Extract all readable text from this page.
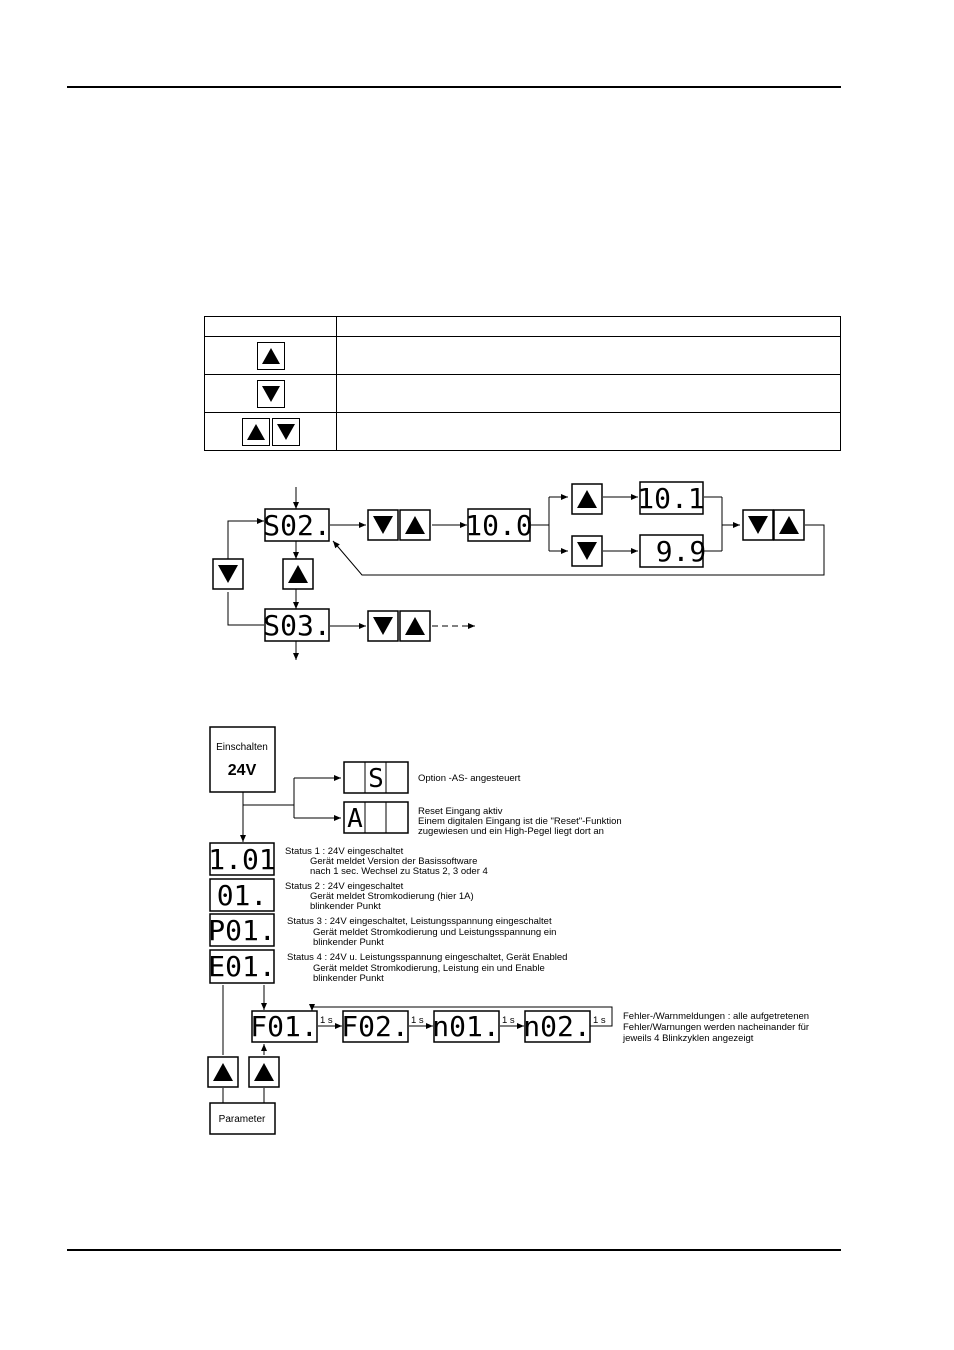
S02.
S03.
10.0
10.1
9.9
Einschalten
24V	S	Option -AS- angesteuert
A	Reset Eingang aktiv
Einem digitalen Eingang ist die "Reset"-Funktion
zugewiesen und ein High-Pegel liegt dort an
1.01 Status 1 : 24V eingeschaltet
Gerät meldet Version der Basissoftware
nach 1 sec. Wechsel zu Status 2, 3 oder 4
01. Status 2 : 24V eingeschaltet
Gerät meldet Stromkodierung (hier 1A)
blinkender Punkt
P01. Status 3 : 24V eingeschaltet, Leistungsspannung eingeschaltet
Gerät meldet Stromkodierung und Leistungsspannung ein
blinkender Punkt
E01. Status 4 : 24V u. Leistungsspannung eingeschaltet, Gerät Enabled
Gerät meldet Stromkodierung, Leistung ein und Enable
blinkender Punkt
F01. 1 s F02. 1 s n01. 1 s n02. 1 s Fehler-/Warnmeldungen : alle aufgetretenen
Fehler/Warnungen werden nacheinander für
jeweils 4 Blinkzyklen angezeigt
Parameter
